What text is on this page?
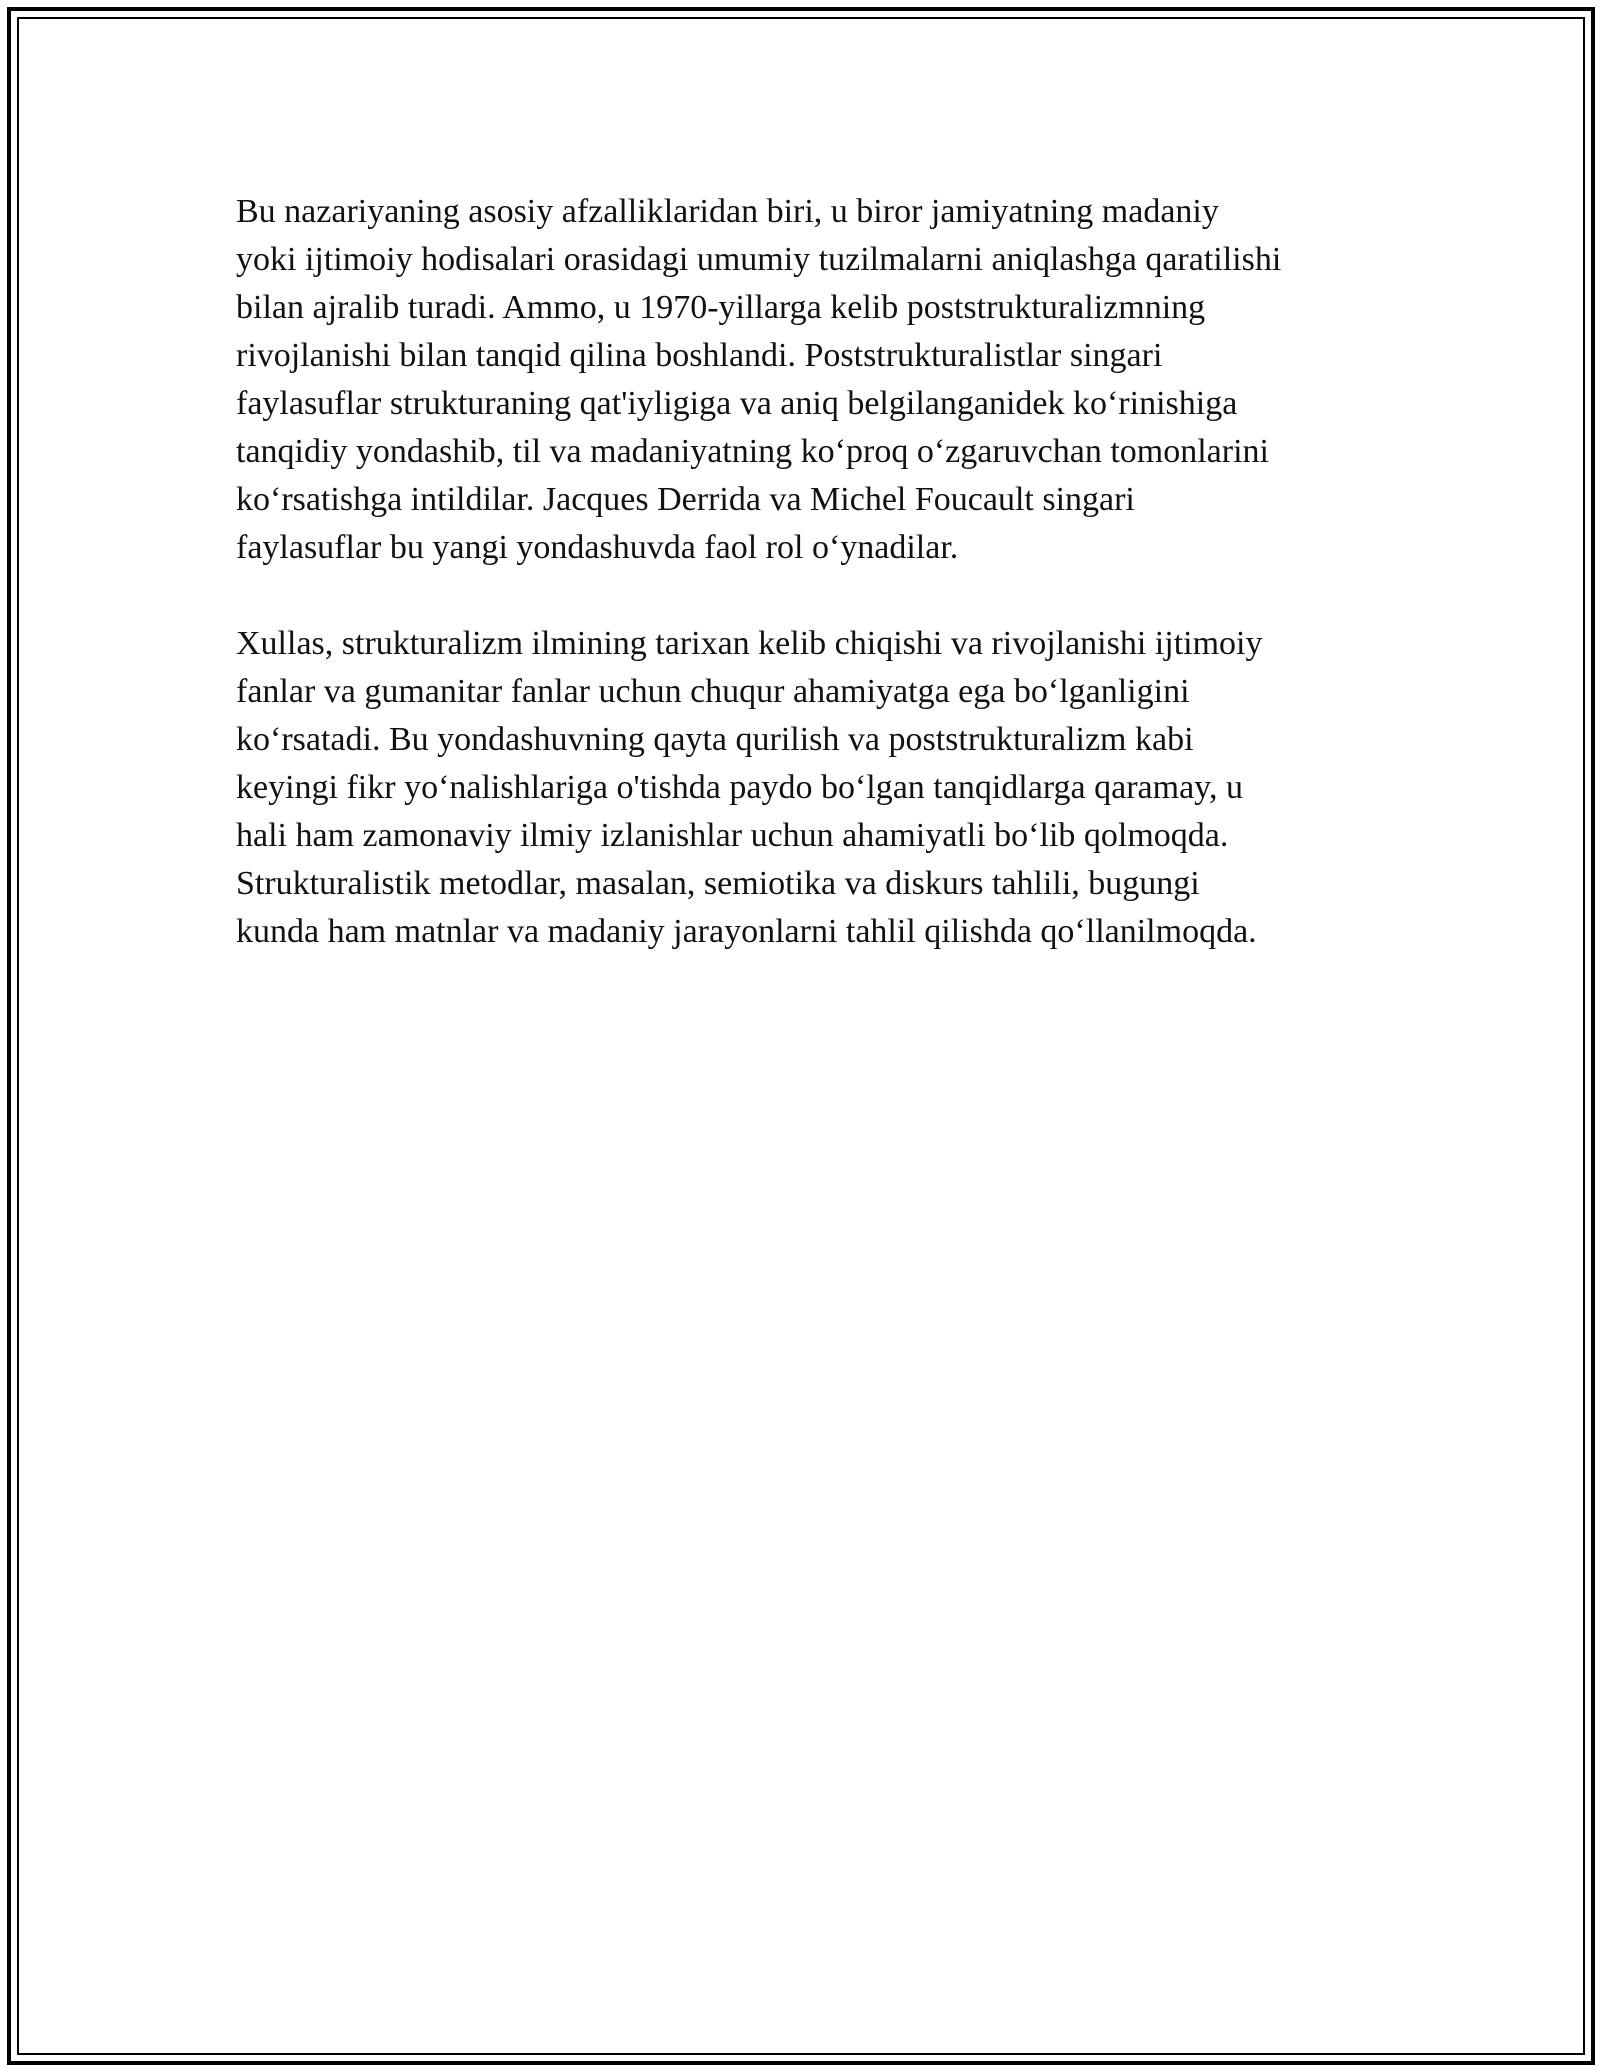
Bu nazariyaning asosiy afzalliklaridan biri, u biror jamiyatning madaniy
yoki ijtimoiy hodisalari orasidagi umumiy tuzilmalarni aniqlashga qaratilishi
bilan ajralib turadi. Ammo, u 1970-yillarga kelib poststrukturalizmning
rivojlanishi bilan tanqid qilina boshlandi. Poststrukturalistlar singari
faylasuflar strukturaning qat'iyligiga va aniq belgilanganidek ko‘rinishiga
tanqidiy yondashib, til va madaniyatning ko‘proq o‘zgaruvchan tomonlarini
ko‘rsatishga intildilar. Jacques Derrida va Michel Foucault singari
faylasuflar bu yangi yondashuvda faol rol o‘ynadilar.

Xullas, strukturalizm ilmining tarixan kelib chiqishi va rivojlanishi ijtimoiy
fanlar va gumanitar fanlar uchun chuqur ahamiyatga ega bo‘lganligini
ko‘rsatadi. Bu yondashuvning qayta qurilish va poststrukturalizm kabi
keyingi fikr yo‘nalishlariga o'tishda paydo bo‘lgan tanqidlarga qaramay, u
hali ham zamonaviy ilmiy izlanishlar uchun ahamiyatli bo‘lib qolmoqda.
Strukturalistik metodlar, masalan, semiotika va diskurs tahlili, bugungi
kunda ham matnlar va madaniy jarayonlarni tahlil qilishda qo‘llanilmoqda.
